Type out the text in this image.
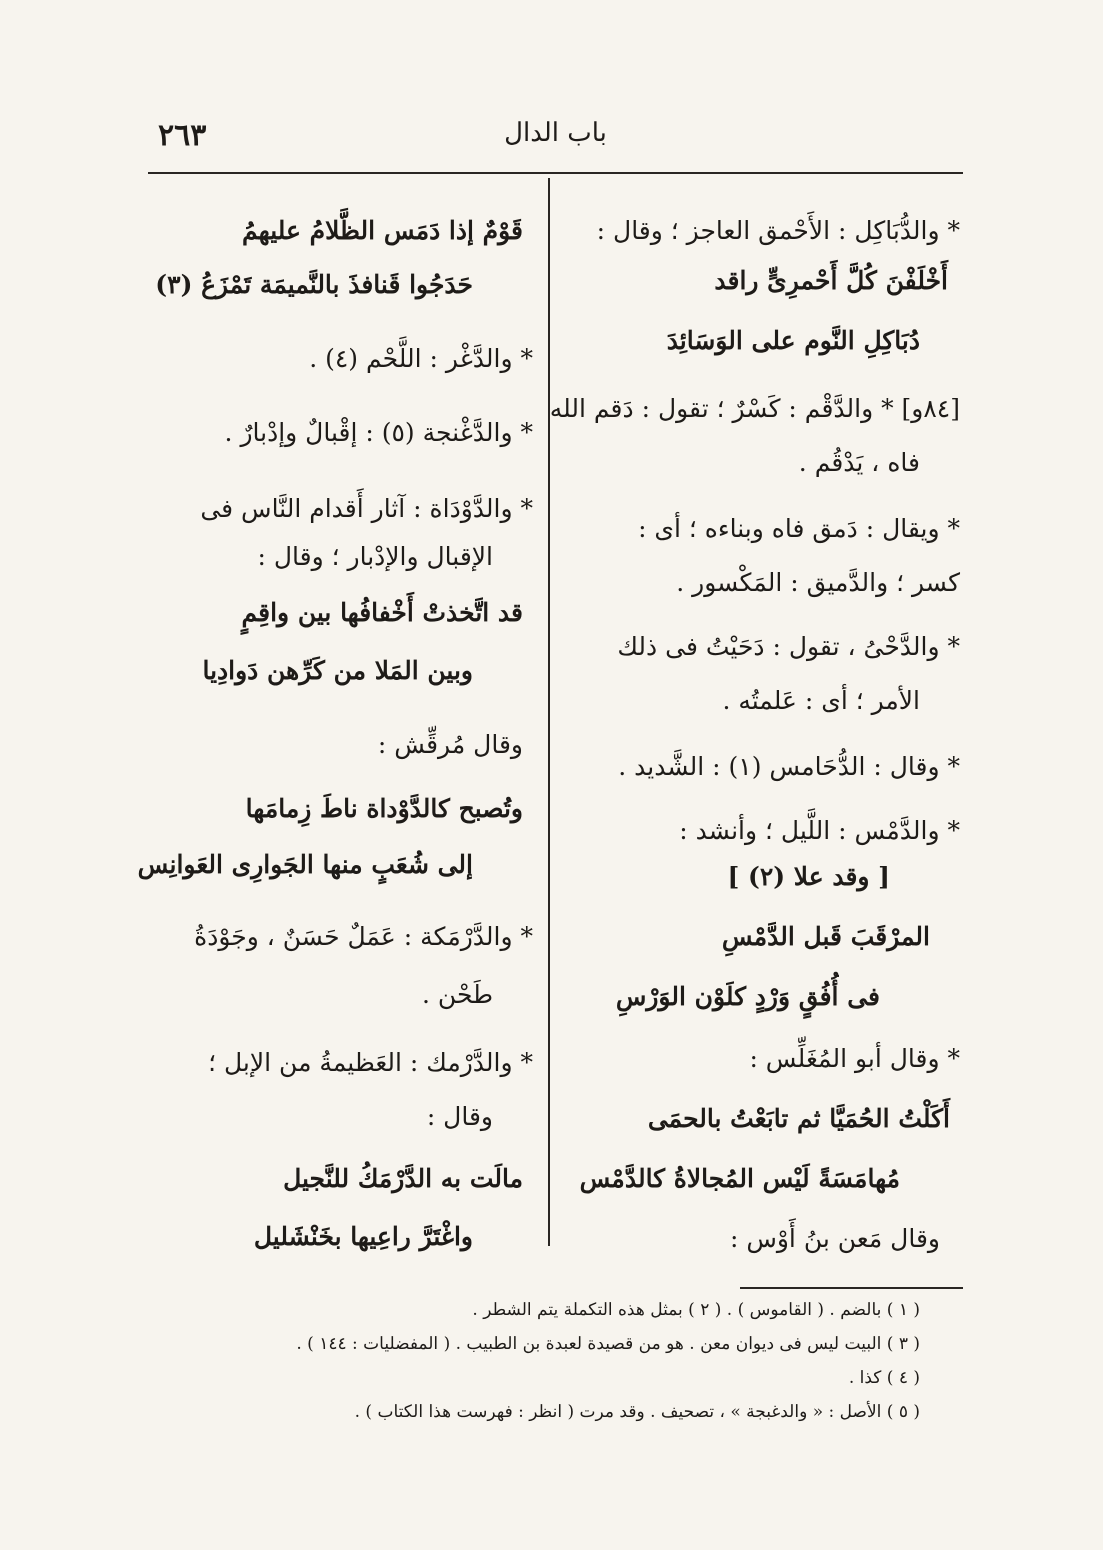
٢٦٣	باب الدال
* والدُّبَاكِل : الأَحْمق العاجز ؛ وقال :
أَخْلَفْنَ كُلَّ أَحْمرِىٍّ راقد
دُبَاكِلِ النَّوم على الوَسَائِدَ
[٨٤و] * والدَّقْم : كَسْرٌ ؛ تقول : دَقم الله
فاه ، يَدْقُم .
* ويقال : دَمق فاه وبناءه ؛ أى :
كسر ؛ والدَّميق : المَكْسور .
* والدَّحْىُ ، تقول : دَحَيْتُ فى ذلك
الأمر ؛ أى : عَلمتُه .
* وقال : الدُّحَامس (١) : الشَّديد .
* والدَّمْس : اللَّيل ؛ وأنشد :
[ وقد علا (٢) ]
المرْقَبَ قَبل الدَّمْسِ
فى أُفُقٍ وَرْدٍ كلَوْن الوَرْسِ
* وقال أبو المُغَلِّس :
أَكَلْتُ الحُمَيَّا ثم تابَعْتُ بالحمَى
مُهامَسَةً لَيْس المُجالاةُ كالدَّمْس
وقال مَعن بنُ أَوْس :
قَوْمٌ إذا دَمَس الظَّلامُ عليهمُ
حَدَجُوا قَنافذَ بالنَّميمَة تَمْزَعُ (٣)
* والدَّغْر : اللَّحْم (٤) .
* والدَّغْنجة (٥) : إقْبالٌ وإدْبارٌ .
* والدَّوْدَاة : آثار أَقدام النَّاس فى
الإقبال والإدْبار ؛ وقال :
قد اتَّخذتْ أَخْفافُها بين واقِمٍ
وبين المَلا من كَرِّهن دَوادِيا
وقال مُرقِّش :
وتُصبح كالدَّوْداة ناطَ زِمامَها
إلى شُعَبٍ منها الجَوارِى العَوانِس
* والدَّرْمَكة : عَمَلٌ حَسَنٌ ، وجَوْدَةُ
طَحْن .
* والدَّرْمك : العَظيمةُ من الإبل ؛
وقال :
مالَت به الدَّرْمَكُ للنَّجيل
واغْتَرَّ راعِيها بخَنْشَليل
( ١ ) بالضم . ( القاموس ) . ( ٢ ) بمثل هذه التكملة يتم الشطر .
( ٣ ) البيت ليس فى ديوان معن . هو من قصيدة لعبدة بن الطبيب . ( المفضليات : ١٤٤ ) .
( ٤ ) كذا .
( ٥ ) الأصل : « والدغبجة » ، تصحيف . وقد مرت ( انظر : فهرست هذا الكتاب ) .
